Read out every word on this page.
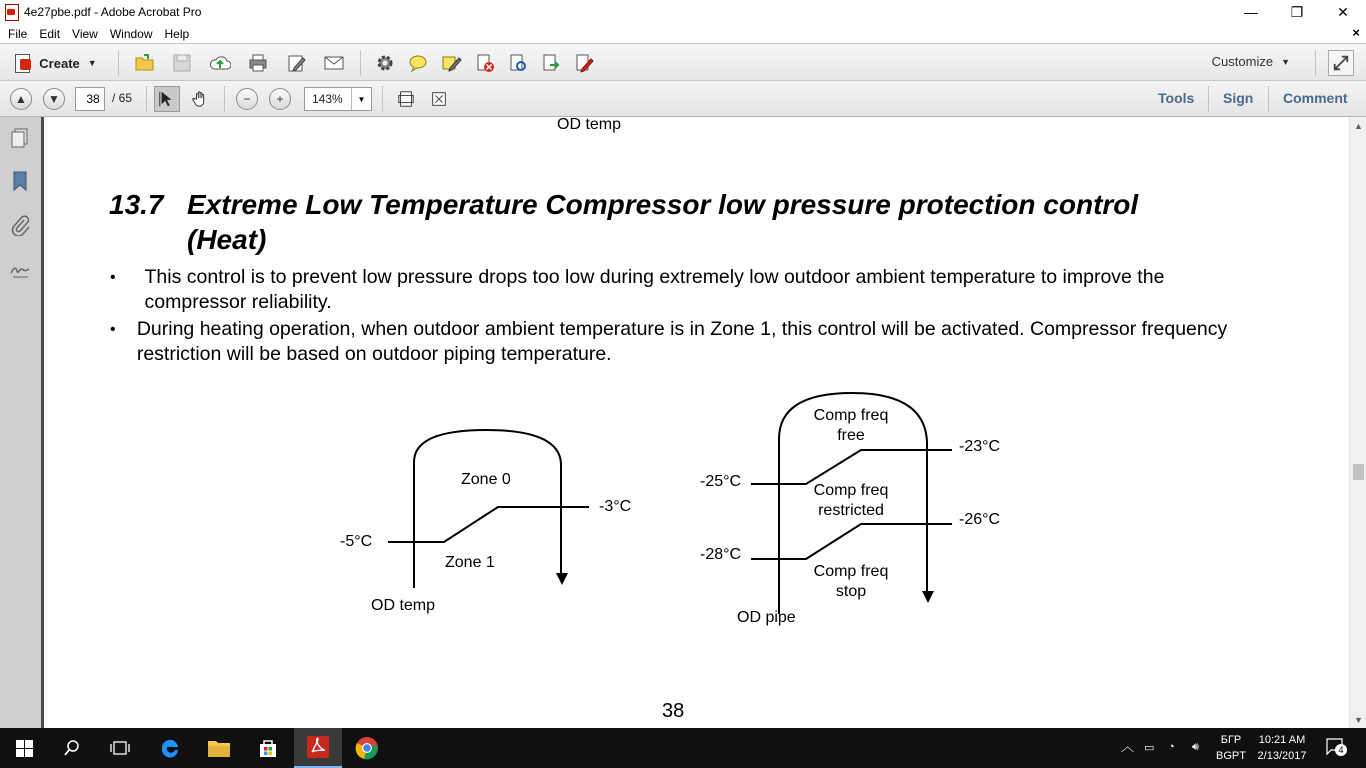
4e27pbe.pdf - Adobe Acrobat Pro	—	❐	✕
File	Edit	View	Window	Help	×
Create ▼	Customize ▼
▲	▼	38	/ 65	−	+	143%	▼	Tools Sign Comment
OD temp
13.7 Extreme Low Temperature Compressor low pressure protection control
(Heat)
•	This control is to prevent low pressure drops too low during extremely low outdoor ambient temperature to improve the compressor reliability.
•	During heating operation, when outdoor ambient temperature is in Zone 1, this control will be activated. Compressor frequency restriction will be based on outdoor piping temperature.
Zone 0
Zone 1
-3°C
-5°C
OD temp
Comp freq
free
Comp freq
restricted
Comp freq
stop
-23°C
-25°C
-26°C
-28°C
OD pipe
38
▲
▼
︿ ▭ ◔ 🔊︎
БГР
BGPT
10:21 AM
2/13/2017	4
